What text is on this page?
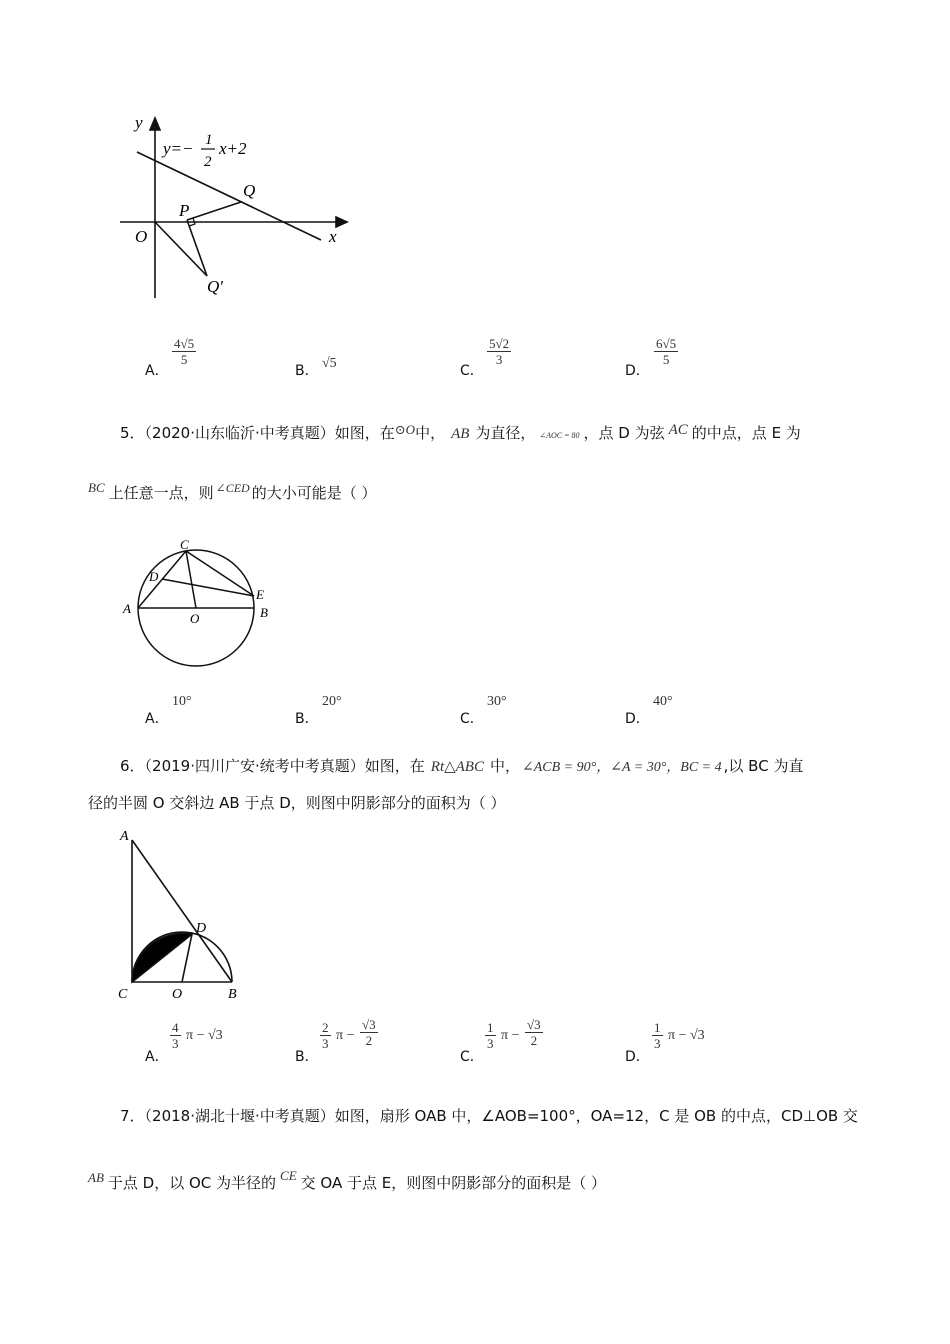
y
x
O
P
Q
Q′
y=− 1
2
x+2
A．
$\frac{4√5}{5}$
B． √5	C．
$\frac{5√2}{3}$
D．
$\frac{6√5}{5}$
5．（2020·山东临沂·中考真题）如图，在⊙O中， AB 为直径， ∠AOC = 80 ，点 D 为弦 AC 的中点，点 E 为
BC 上任意一点，则 $^{\angle CED}$ 的大小可能是（ ）
C
D
A
O
E
B
A．
10°
B．
20°
C．
30°
D．
40°
6．（2019·四川广安·统考中考真题）如图，在 Rt△ABC 中， ∠ACB = 90°，∠A = 30°，BC = 4 ,以 BC 为直
径的半圆 O 交斜边 AB 于点 D，则图中阴影部分的面积为（ ）
A
D
C	O	B
A．
$\frac{4}{3}$ π − √3
B．
$\frac{2}{3}$ $\pi - \frac{√3}{2}$
C．
$\frac{1}{3}$ $\pi - \frac{√3}{2}$
D．
$\frac{1}{3}$ π − √3
7．（2018·湖北十堰·中考真题）如图，扇形 OAB 中，∠AOB=100°，OA=12，C 是 OB 的中点，CD⊥OB 交
AB 于点 D，以 OC 为半径的 CE 交 OA 于点 E，则图中阴影部分的面积是（ ）
